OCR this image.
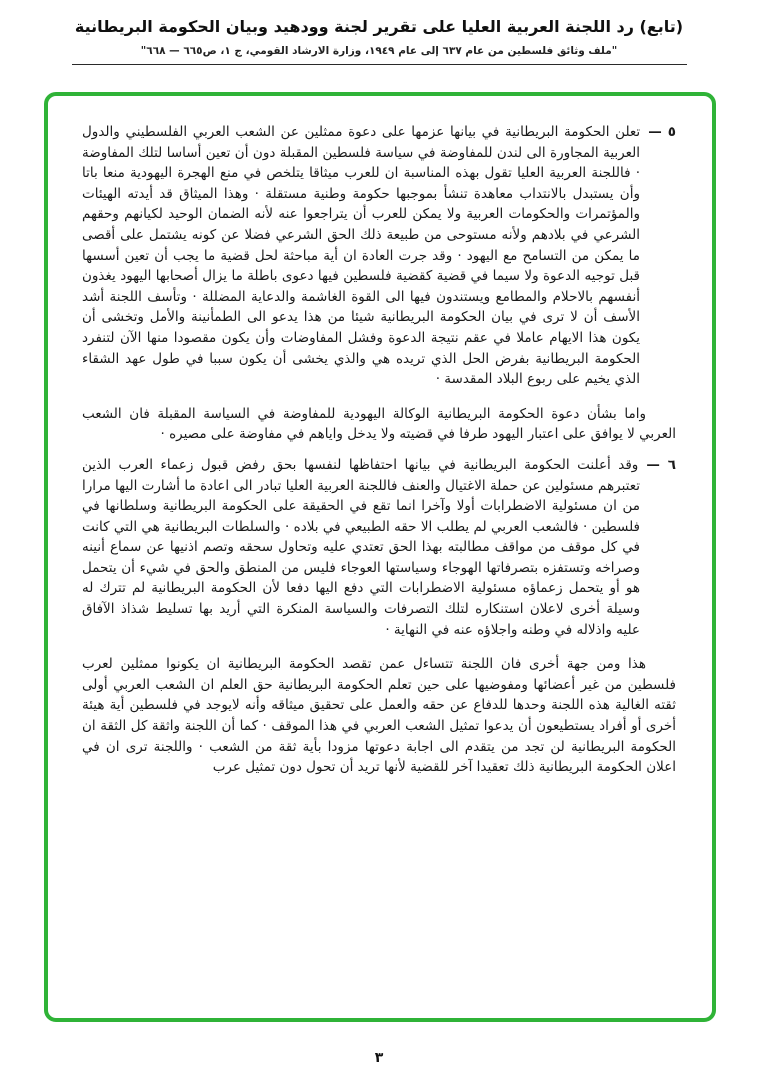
(تابع) رد اللجنة العربية العليا على تقرير لجنة وودهيد وبيان الحكومة البريطانية
"ملف وثائق فلسطين من عام ٦٣٧ إلى عام ١٩٤٩، وزارة الارشاد القومي، ج ١، ص٦٦٥ — ٦٦٨"

٥ —تعلن الحكومة البريطانية في بيانها عزمها على دعوة ممثلين عن الشعب العربي الفلسطيني والدول العربية المجاورة الى لندن للمفاوضة في سياسة فلسطين المقبلة دون أن تعين أساسا لتلك المفاوضة · فاللجنة العربية العليا تقول بهذه المناسبة ان للعرب ميثاقا يتلخص في منع الهجرة اليهودية منعا باتا وأن يستبدل بالانتداب معاهدة تنشأ بموجبها حكومة وطنية مستقلة · وهذا الميثاق قد أيدته الهيئات والمؤتمرات والحكومات العربية ولا يمكن للعرب أن يتراجعوا عنه لأنه الضمان الوحيد لكيانهم وحقهم الشرعي في بلادهم ولأنه مستوحى من طبيعة ذلك الحق الشرعي فضلا عن كونه يشتمل على أقصى ما يمكن من التسامح مع اليهود · وقد جرت العادة ان أية مباحثة لحل قضية ما يجب أن تعين أسسها قبل توجيه الدعوة ولا سيما في قضية كقضية فلسطين فيها دعوى باطلة ما يزال أصحابها اليهود يغذون أنفسهم بالاحلام والمطامع ويستندون فيها الى القوة الغاشمة والدعاية المضللة · وتأسف اللجنة أشد الأسف أن لا ترى في بيان الحكومة البريطانية شيئا من هذا يدعو الى الطمأنينة والأمل وتخشى أن يكون هذا الايهام عاملا في عقم نتيجة الدعوة وفشل المفاوضات وأن يكون مقصودا منها الآن لتنفرد الحكومة البريطانية بفرض الحل الذي تريده هي والذي يخشى أن يكون سببا في طول عهد الشقاء الذي يخيم على ربوع البلاد المقدسة ·

واما بشأن دعوة الحكومة البريطانية الوكالة اليهودية للمفاوضة في السياسة المقبلة فان الشعب العربي لا يوافق على اعتبار اليهود طرفا في قضيته ولا يدخل واياهم في مفاوضة على مصيره ·

٦ —وقد أعلنت الحكومة البريطانية في بيانها احتفاظها لنفسها بحق رفض قبول زعماء العرب الذين تعتبرهم مسئولين عن حملة الاغتيال والعنف فاللجنة العربية العليا تبادر الى اعادة ما أشارت اليها مرارا من ان مسئولية الاضطرابات أولا وآخرا انما تقع في الحقيقة على الحكومة البريطانية وسلطانها في فلسطين · فالشعب العربي لم يطلب الا حقه الطبيعي في بلاده · والسلطات البريطانية هي التي كانت في كل موقف من مواقف مطالبته بهذا الحق تعتدي عليه وتحاول سحقه وتصم اذنيها عن سماع أنينه وصراخه وتستفزه بتصرفاتها الهوجاء وسياستها العوجاء فليس من المنطق والحق في شيء أن يتحمل هو أو يتحمل زعماؤه مسئولية الاضطرابات التي دفع اليها دفعا لأن الحكومة البريطانية لم تترك له وسيلة أخرى لاعلان استنكاره لتلك التصرفات والسياسة المنكرة التي أريد بها تسليط شذاذ الآفاق عليه واذلاله في وطنه واجلاؤه عنه في النهاية ·

هذا ومن جهة أخرى فان اللجنة تتساءل عمن تقصد الحكومة البريطانية ان يكونوا ممثلين لعرب فلسطين من غير أعضائها ومفوضيها على حين تعلم الحكومة البريطانية حق العلم ان الشعب العربي أولى ثقته الغالية هذه اللجنة وحدها للدفاع عن حقه والعمل على تحقيق ميثاقه وأنه لايوجد في فلسطين أية هيئة أخرى أو أفراد يستطيعون أن يدعوا تمثيل الشعب العربي في هذا الموقف · كما أن اللجنة واثقة كل الثقة ان الحكومة البريطانية لن تجد من يتقدم الى اجابة دعوتها مزودا بأية ثقة من الشعب · واللجنة ترى ان في اعلان الحكومة البريطانية ذلك تعقيدا آخر للقضية لأنها تريد أن تحول دون تمثيل عرب

٣
